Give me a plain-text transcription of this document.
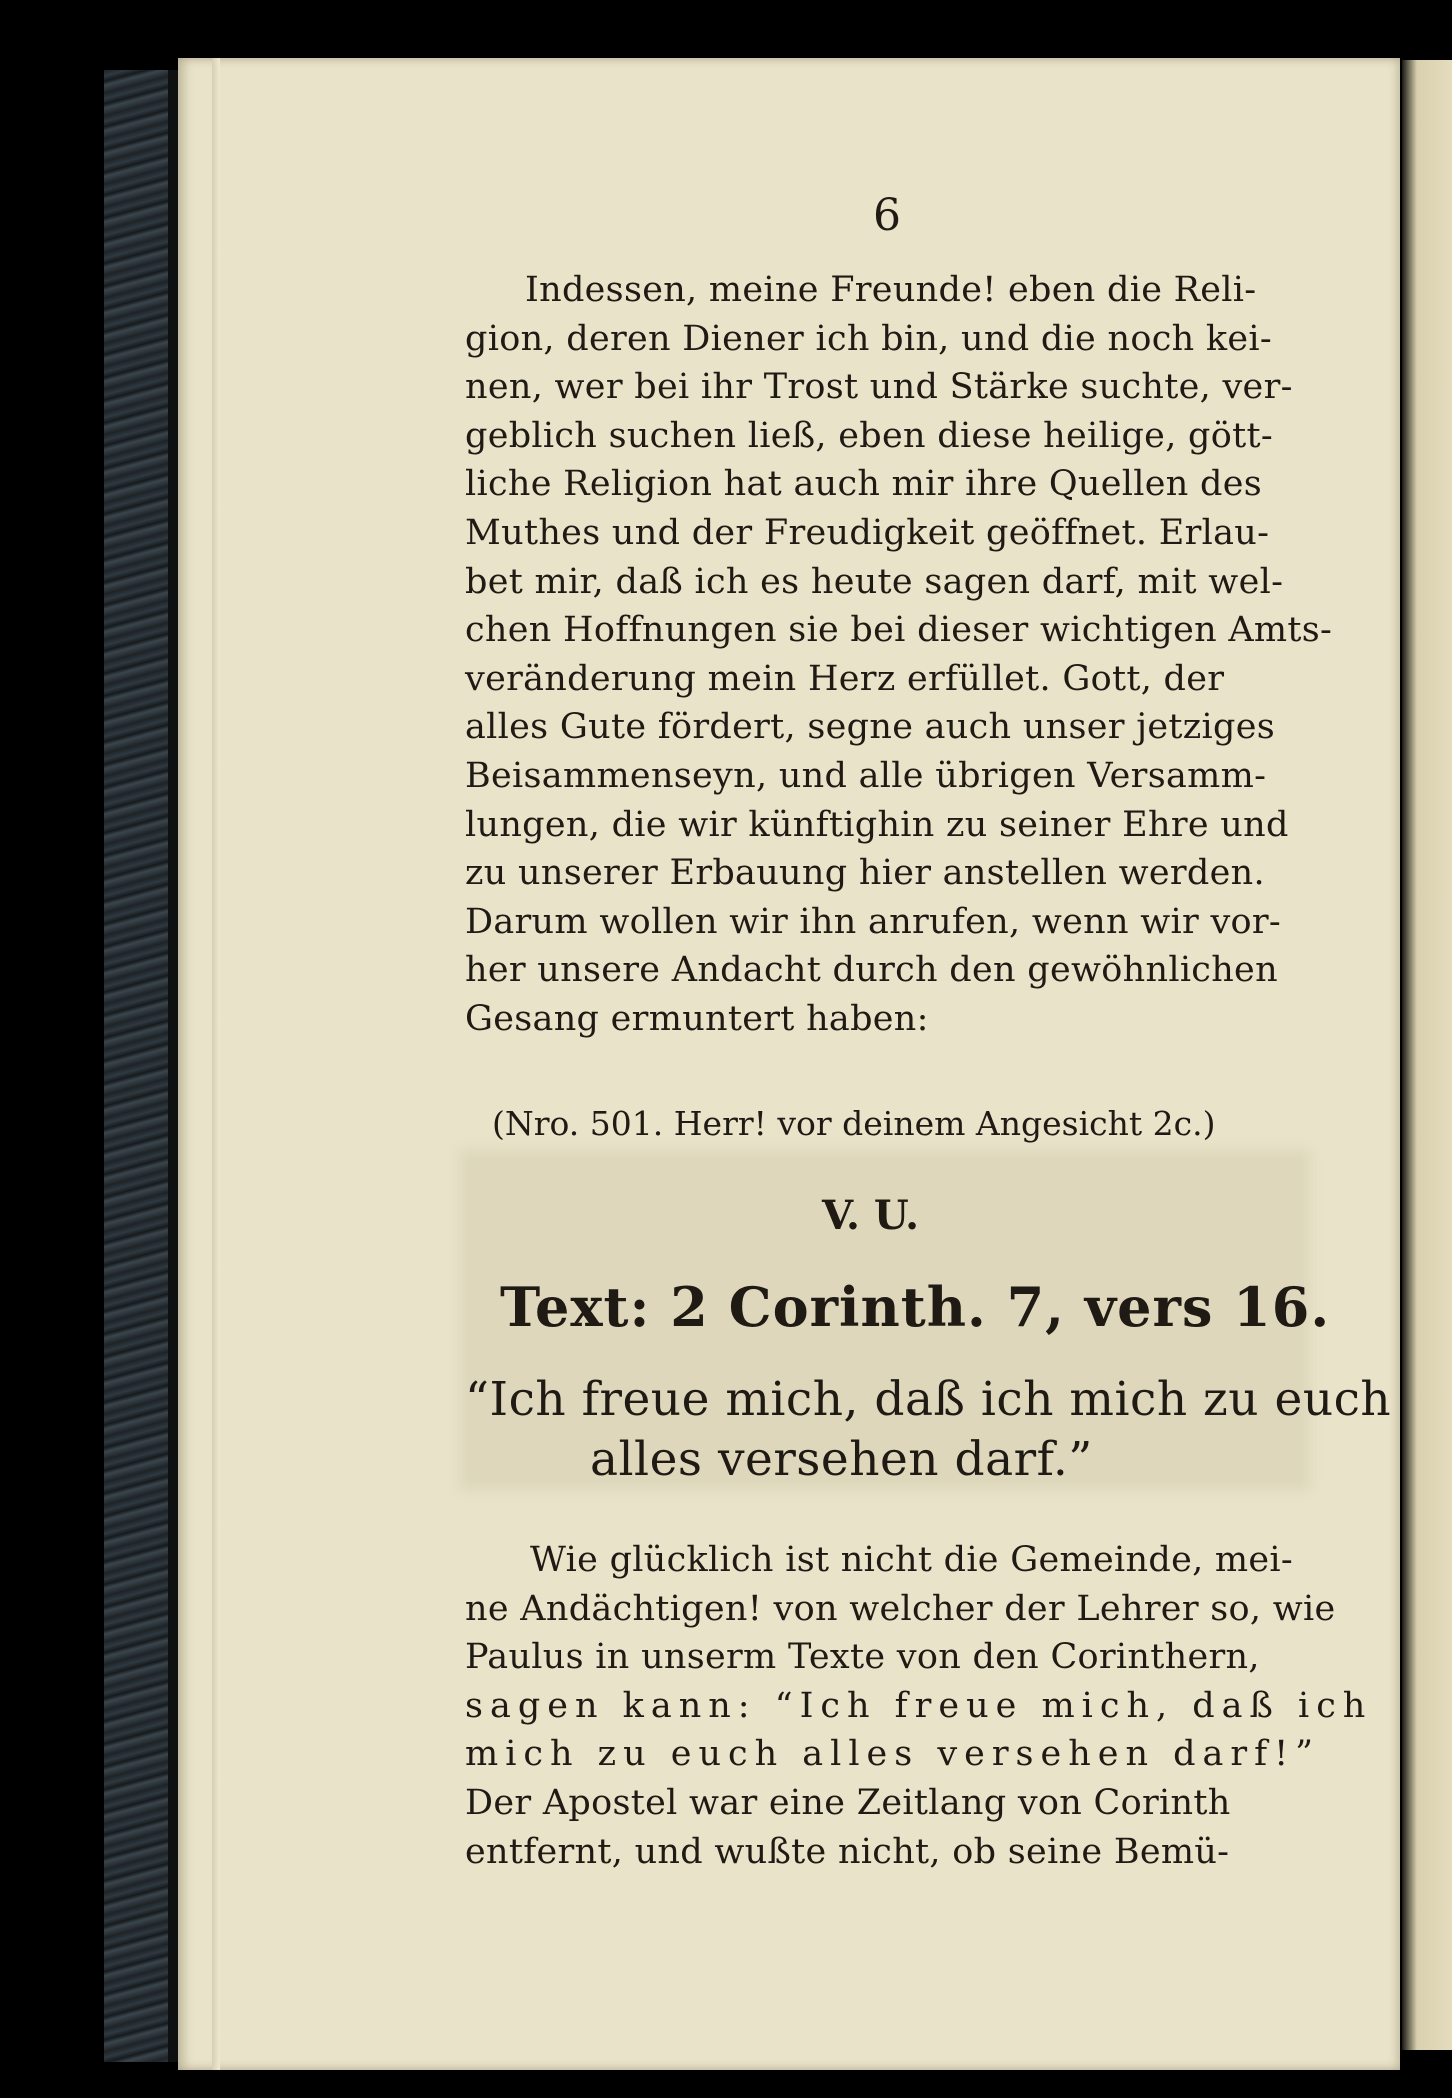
6
Indessen, meine Freunde! eben die Reli-
gion, deren Diener ich bin, und die noch kei-
nen, wer bei ihr Trost und Stärke suchte, ver-
geblich suchen ließ, eben diese heilige, gött-
liche Religion hat auch mir ihre Quellen des
Muthes und der Freudigkeit geöffnet. Erlau-
bet mir, daß ich es heute sagen darf, mit wel-
chen Hoffnungen sie bei dieser wichtigen Amts-
veränderung mein Herz erfüllet. Gott, der
alles Gute fördert, segne auch unser jetziges
Beisammenseyn, und alle übrigen Versamm-
lungen, die wir künftighin zu seiner Ehre und
zu unserer Erbauung hier anstellen werden.
Darum wollen wir ihn anrufen, wenn wir vor-
her unsere Andacht durch den gewöhnlichen
Gesang ermuntert haben:
(Nro. 501. Herr! vor deinem Angesicht 2c.)
V. U.
Text: 2 Corinth. 7, vers 16.
“Ich freue mich, daß ich mich zu euch
alles versehen darf.”
Wie glücklich ist nicht die Gemeinde, mei-
ne Andächtigen! von welcher der Lehrer so, wie
Paulus in unserm Texte von den Corinthern,
sagen kann: “Ich freue mich, daß ich
mich zu euch alles versehen darf!”
Der Apostel war eine Zeitlang von Corinth
entfernt, und wußte nicht, ob seine Bemü-
